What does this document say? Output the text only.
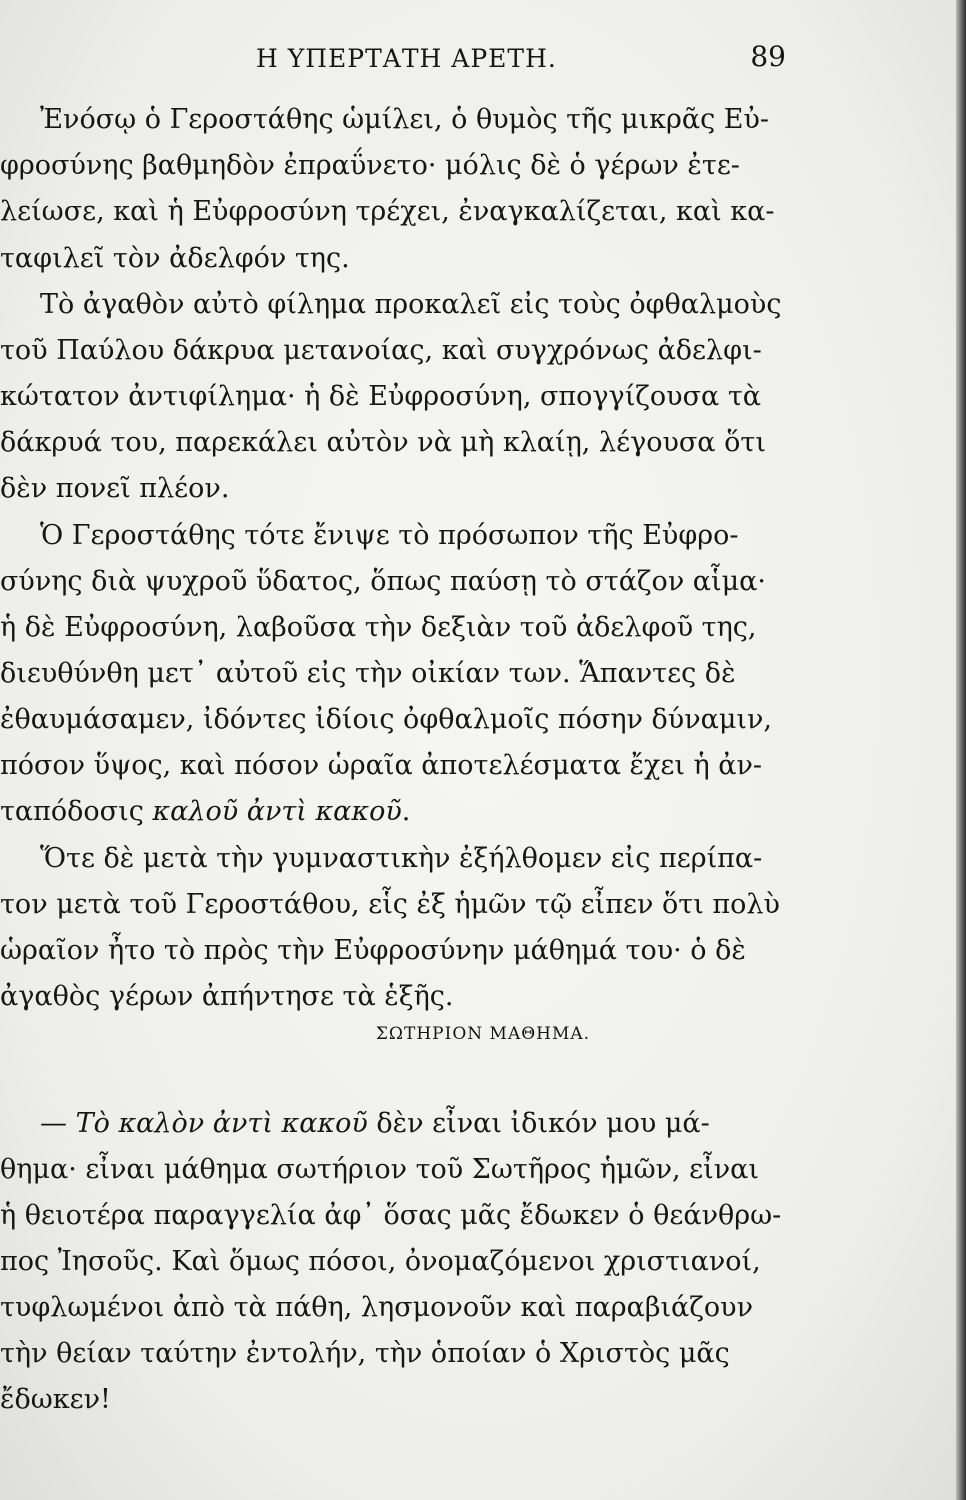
Η ΥΠΕΡΤΑΤΗ ΑΡΕΤΗ.	89
Ἐνόσῳ ὁ Γεροστάθης ὡμίλει, ὁ θυμὸς τῆς μικρᾶς Εὐ-
φροσύνης βαθμηδὸν ἐπραΰνετο· μόλις δὲ ὁ γέρων ἐτε-
λείωσε, καὶ ἡ Εὐφροσύνη τρέχει, ἐναγκαλίζεται, καὶ κα-
ταφιλεῖ τὸν ἀδελφόν της.
Τὸ ἀγαθὸν αὐτὸ φίλημα προκαλεῖ εἰς τοὺς ὀφθαλμοὺς
τοῦ Παύλου δάκρυα μετανοίας, καὶ συγχρόνως ἀδελφι-
κώτατον ἀντιφίλημα· ἡ δὲ Εὐφροσύνη, σπογγίζουσα τὰ
δάκρυά του, παρεκάλει αὐτὸν νὰ μὴ κλαίῃ, λέγουσα ὅτι
δὲν πονεῖ πλέον.
Ὁ Γεροστάθης τότε ἔνιψε τὸ πρόσωπον τῆς Εὐφρο-
σύνης διὰ ψυχροῦ ὕδατος, ὅπως παύσῃ τὸ στάζον αἷμα·
ἡ δὲ Εὐφροσύνη, λαβοῦσα τὴν δεξιὰν τοῦ ἀδελφοῦ της,
διευθύνθη μετ᾽ αὐτοῦ εἰς τὴν οἰκίαν των. Ἅπαντες δὲ
ἐθαυμάσαμεν, ἰδόντες ἰδίοις ὀφθαλμοῖς πόσην δύναμιν,
πόσον ὕψος, καὶ πόσον ὡραῖα ἀποτελέσματα ἔχει ἡ ἀν-
ταπόδοσις καλοῦ ἀντὶ κακοῦ.
Ὅτε δὲ μετὰ τὴν γυμναστικὴν ἐξήλθομεν εἰς περίπα-
τον μετὰ τοῦ Γεροστάθου, εἷς ἐξ ἡμῶν τῷ εἶπεν ὅτι πολὺ
ὡραῖον ἦτο τὸ πρὸς τὴν Εὐφροσύνην μάθημά του· ὁ δὲ
ἀγαθὸς γέρων ἀπήντησε τὰ ἑξῆς.
ΣΩΤΗΡΙΟΝ ΜΑΘΗΜΑ.
— Τὸ καλὸν ἀντὶ κακοῦ δὲν εἶναι ἰδικόν μου μά-
θημα· εἶναι μάθημα σωτήριον τοῦ Σωτῆρος ἡμῶν, εἶναι
ἡ θειοτέρα παραγγελία ἀφ᾽ ὅσας μᾶς ἔδωκεν ὁ θεάνθρω-
πος Ἰησοῦς. Καὶ ὅμως πόσοι, ὀνομαζόμενοι χριστιανοί,
τυφλωμένοι ἀπὸ τὰ πάθη, λησμονοῦν καὶ παραβιάζουν
τὴν θείαν ταύτην ἐντολήν, τὴν ὁποίαν ὁ Χριστὸς μᾶς
ἔδωκεν!
